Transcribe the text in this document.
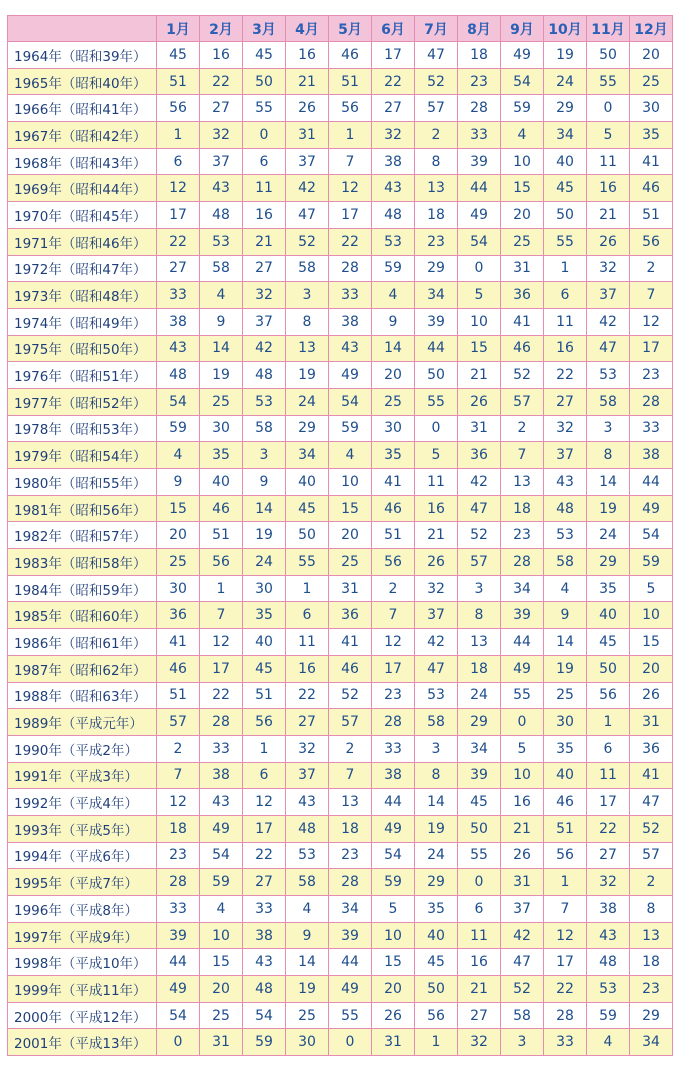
	1月	2月	3月	4月	5月	6月	7月	8月	9月	10月	11月	12月
1964年（昭和39年）	45	16	45	16	46	17	47	18	49	19	50	20
1965年（昭和40年）	51	22	50	21	51	22	52	23	54	24	55	25
1966年（昭和41年）	56	27	55	26	56	27	57	28	59	29	0	30
1967年（昭和42年）	1	32	0	31	1	32	2	33	4	34	5	35
1968年（昭和43年）	6	37	6	37	7	38	8	39	10	40	11	41
1969年（昭和44年）	12	43	11	42	12	43	13	44	15	45	16	46
1970年（昭和45年）	17	48	16	47	17	48	18	49	20	50	21	51
1971年（昭和46年）	22	53	21	52	22	53	23	54	25	55	26	56
1972年（昭和47年）	27	58	27	58	28	59	29	0	31	1	32	2
1973年（昭和48年）	33	4	32	3	33	4	34	5	36	6	37	7
1974年（昭和49年）	38	9	37	8	38	9	39	10	41	11	42	12
1975年（昭和50年）	43	14	42	13	43	14	44	15	46	16	47	17
1976年（昭和51年）	48	19	48	19	49	20	50	21	52	22	53	23
1977年（昭和52年）	54	25	53	24	54	25	55	26	57	27	58	28
1978年（昭和53年）	59	30	58	29	59	30	0	31	2	32	3	33
1979年（昭和54年）	4	35	3	34	4	35	5	36	7	37	8	38
1980年（昭和55年）	9	40	9	40	10	41	11	42	13	43	14	44
1981年（昭和56年）	15	46	14	45	15	46	16	47	18	48	19	49
1982年（昭和57年）	20	51	19	50	20	51	21	52	23	53	24	54
1983年（昭和58年）	25	56	24	55	25	56	26	57	28	58	29	59
1984年（昭和59年）	30	1	30	1	31	2	32	3	34	4	35	5
1985年（昭和60年）	36	7	35	6	36	7	37	8	39	9	40	10
1986年（昭和61年）	41	12	40	11	41	12	42	13	44	14	45	15
1987年（昭和62年）	46	17	45	16	46	17	47	18	49	19	50	20
1988年（昭和63年）	51	22	51	22	52	23	53	24	55	25	56	26
1989年（平成元年）	57	28	56	27	57	28	58	29	0	30	1	31
1990年（平成2年）	2	33	1	32	2	33	3	34	5	35	6	36
1991年（平成3年）	7	38	6	37	7	38	8	39	10	40	11	41
1992年（平成4年）	12	43	12	43	13	44	14	45	16	46	17	47
1993年（平成5年）	18	49	17	48	18	49	19	50	21	51	22	52
1994年（平成6年）	23	54	22	53	23	54	24	55	26	56	27	57
1995年（平成7年）	28	59	27	58	28	59	29	0	31	1	32	2
1996年（平成8年）	33	4	33	4	34	5	35	6	37	7	38	8
1997年（平成9年）	39	10	38	9	39	10	40	11	42	12	43	13
1998年（平成10年）	44	15	43	14	44	15	45	16	47	17	48	18
1999年（平成11年）	49	20	48	19	49	20	50	21	52	22	53	23
2000年（平成12年）	54	25	54	25	55	26	56	27	58	28	59	29
2001年（平成13年）	0	31	59	30	0	31	1	32	3	33	4	34
